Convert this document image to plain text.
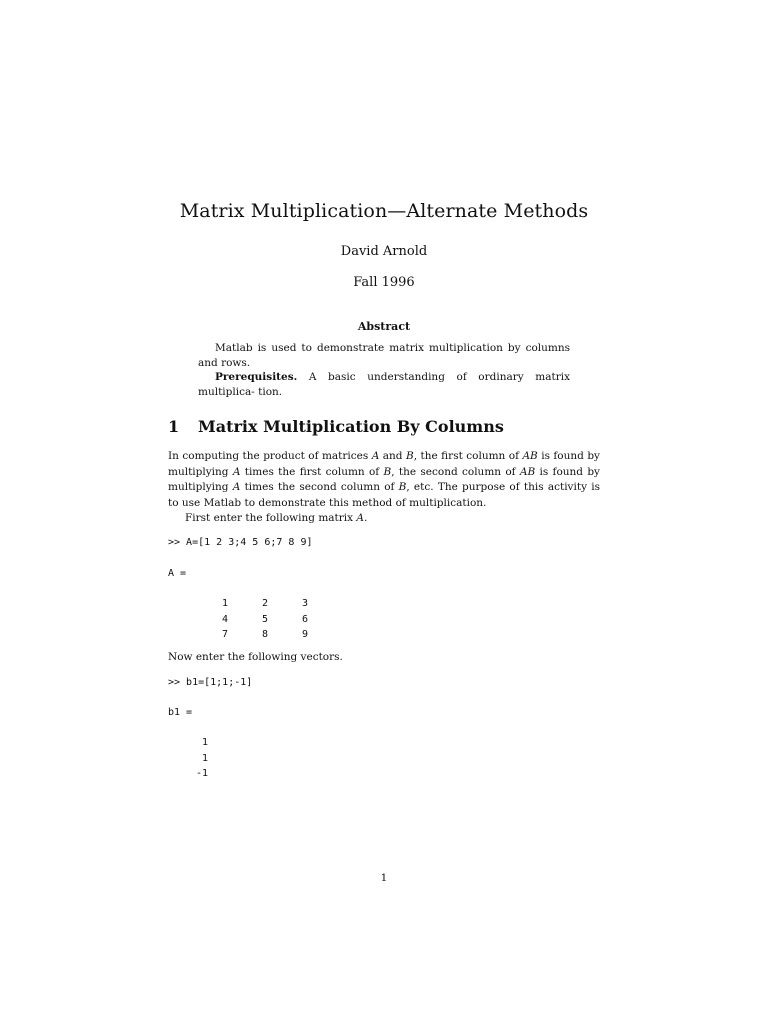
Matrix Multiplication—Alternate Methods
David Arnold
Fall 1996
Abstract

Matlab is used to demonstrate matrix multiplication by columns and rows.

Prerequisites. A basic understanding of ordinary matrix multiplica- tion.

1 Matrix Multiplication By Columns

In computing the product of matrices A and B, the first column of AB is found by multiplying A times the first column of B, the second column of AB is found by multiplying A times the second column of B, etc. The purpose of this activity is to use Matlab to demonstrate this method of multiplication.

First enter the following matrix A.

>> A=[1 2 3;4 5 6;7 8 9]
A =
1	2	3
4	5	6
7	8	9
Now enter the following vectors.
>> b1=[1;1;-1]
b1 =
1
1
-1
1
